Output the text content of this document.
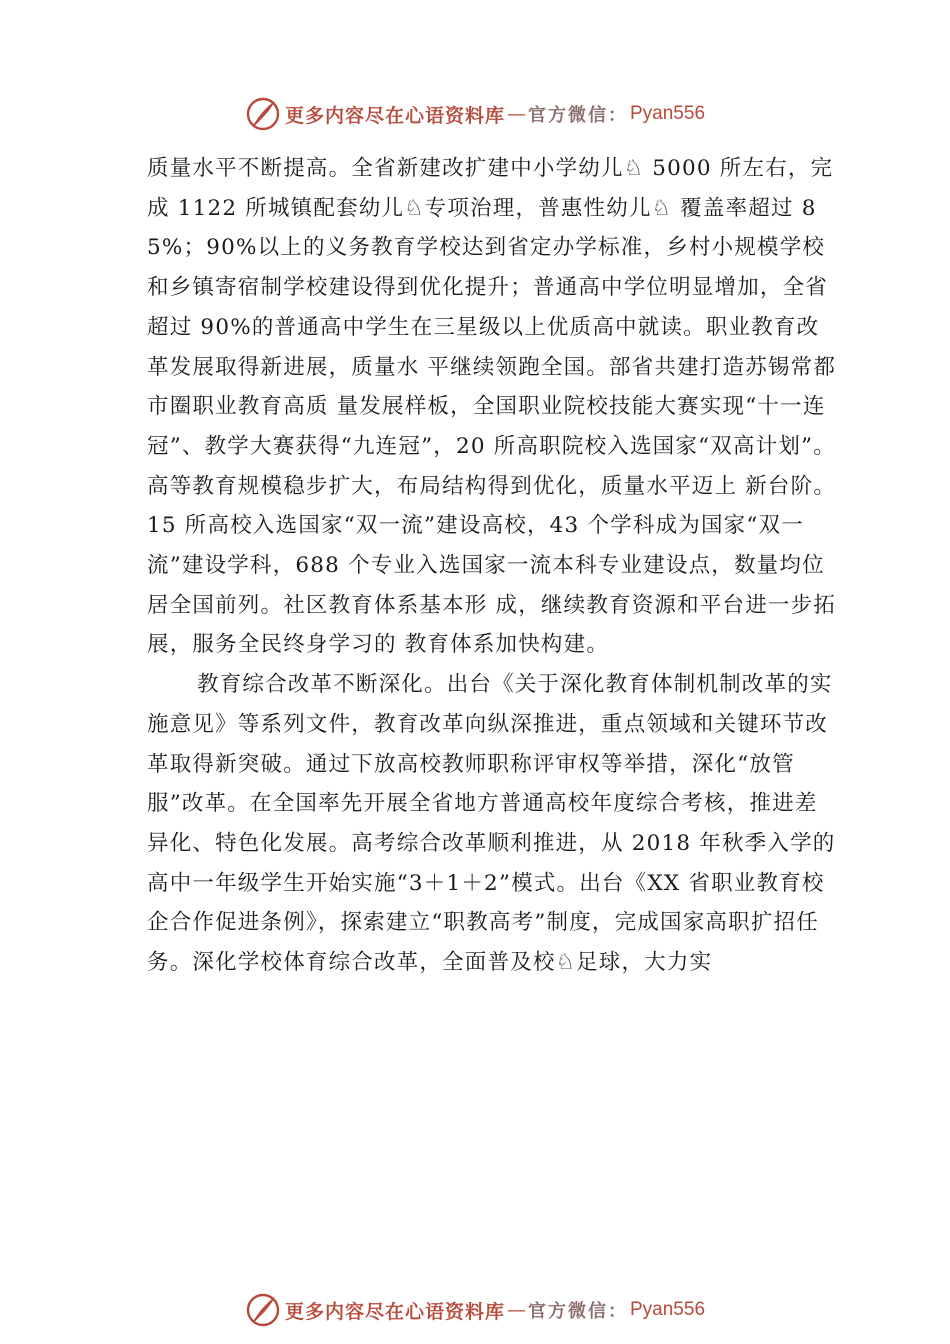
更多内容尽在心语资料库 — 官方微信： Pyan556

质量水平不断提高。全省新建改扩建中小学幼儿♘ 5000 所左右，完成 1122 所城镇配套幼儿♘专项治理，普惠性幼儿♘ 覆盖率超过 85%；90%以上的义务教育学校达到省定办学标准，乡村小规模学校和乡镇寄宿制学校建设得到优化提升；普通高中学位明显增加，全省超过 90%的普通高中学生在三星级以上优质高中就读。职业教育改革发展取得新进展，质量水 平继续领跑全国。部省共建打造苏锡常都市圈职业教育高质 量发展样板，全国职业院校技能大赛实现“十一连冠”、教学大赛获得“九连冠”，20 所高职院校入选国家“双高计划”。高等教育规模稳步扩大，布局结构得到优化，质量水平迈上 新台阶。15 所高校入选国家“双一流”建设高校，43 个学科成为国家“双一流”建设学科，688 个专业入选国家一流本科专业建设点，数量均位居全国前列。社区教育体系基本形 成，继续教育资源和平台进一步拓展，服务全民终身学习的 教育体系加快构建。

教育综合改革不断深化。出台《关于深化教育体制机制改革的实施意见》等系列文件，教育改革向纵深推进，重点领域和关键环节改革取得新突破。通过下放高校教师职称评审权等举措，深化“放管服”改革。在全国率先开展全省地方普通高校年度综合考核，推进差异化、特色化发展。高考综合改革顺利推进，从 2018 年秋季入学的高中一年级学生开始实施“3＋1＋2”模式。出台《XX 省职业教育校企合作促进条例》，探索建立“职教高考”制度，完成国家高职扩招任务。深化学校体育综合改革，全面普及校♘足球，大力实

更多内容尽在心语资料库 — 官方微信： Pyan556
